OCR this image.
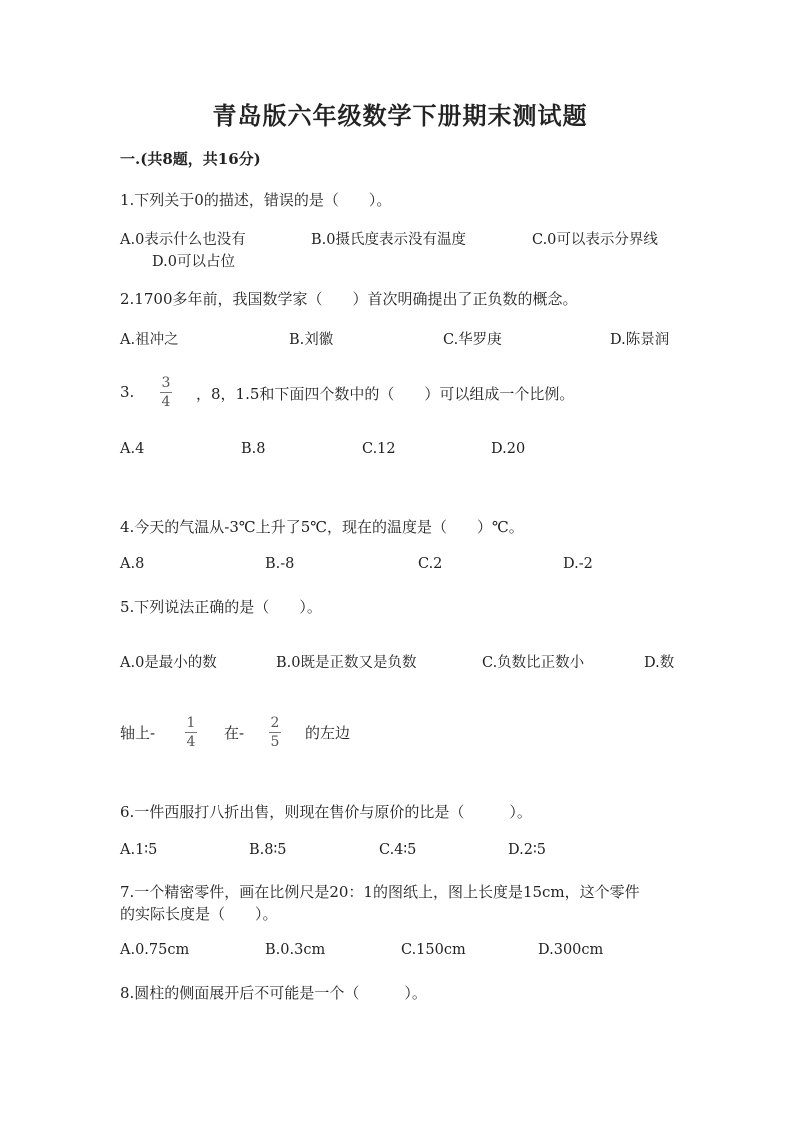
青岛版六年级数学下册期末测试题
一.(共8题，共16分)
1.下列关于0的描述，错误的是（　　）。
A.0表示什么也没有	B.0摄氏度表示没有温度	C.0可以表示分界线
D.0可以占位
2.1700多年前，我国数学家（　　）首次明确提出了正负数的概念。
A.祖冲之	B.刘徽	C.华罗庚	D.陈景润
3. 3
4 ，8，1.5和下面四个数中的（　　）可以组成一个比例。
A.4	B.8	C.12	D.20
4.今天的气温从-3℃上升了5℃，现在的温度是（　　）℃。
A.8	B.-8	C.2	D.-2
5.下列说法正确的是（　　）。
A.0是最小的数	B.0既是正数又是负数	C.负数比正数小	D.数
轴上-
1
4 在-
2
5 的左边
6.一件西服打八折出售，则现在售价与原价的比是（　　　）。
A.1∶5	B.8∶5	C.4∶5	D.2∶5
7.一个精密零件，画在比例尺是20：1的图纸上，图上长度是15cm，这个零件
的实际长度是（　　）。
A.0.75cm	B.0.3cm	C.150cm	D.300cm
8.圆柱的侧面展开后不可能是一个（　　　）。
